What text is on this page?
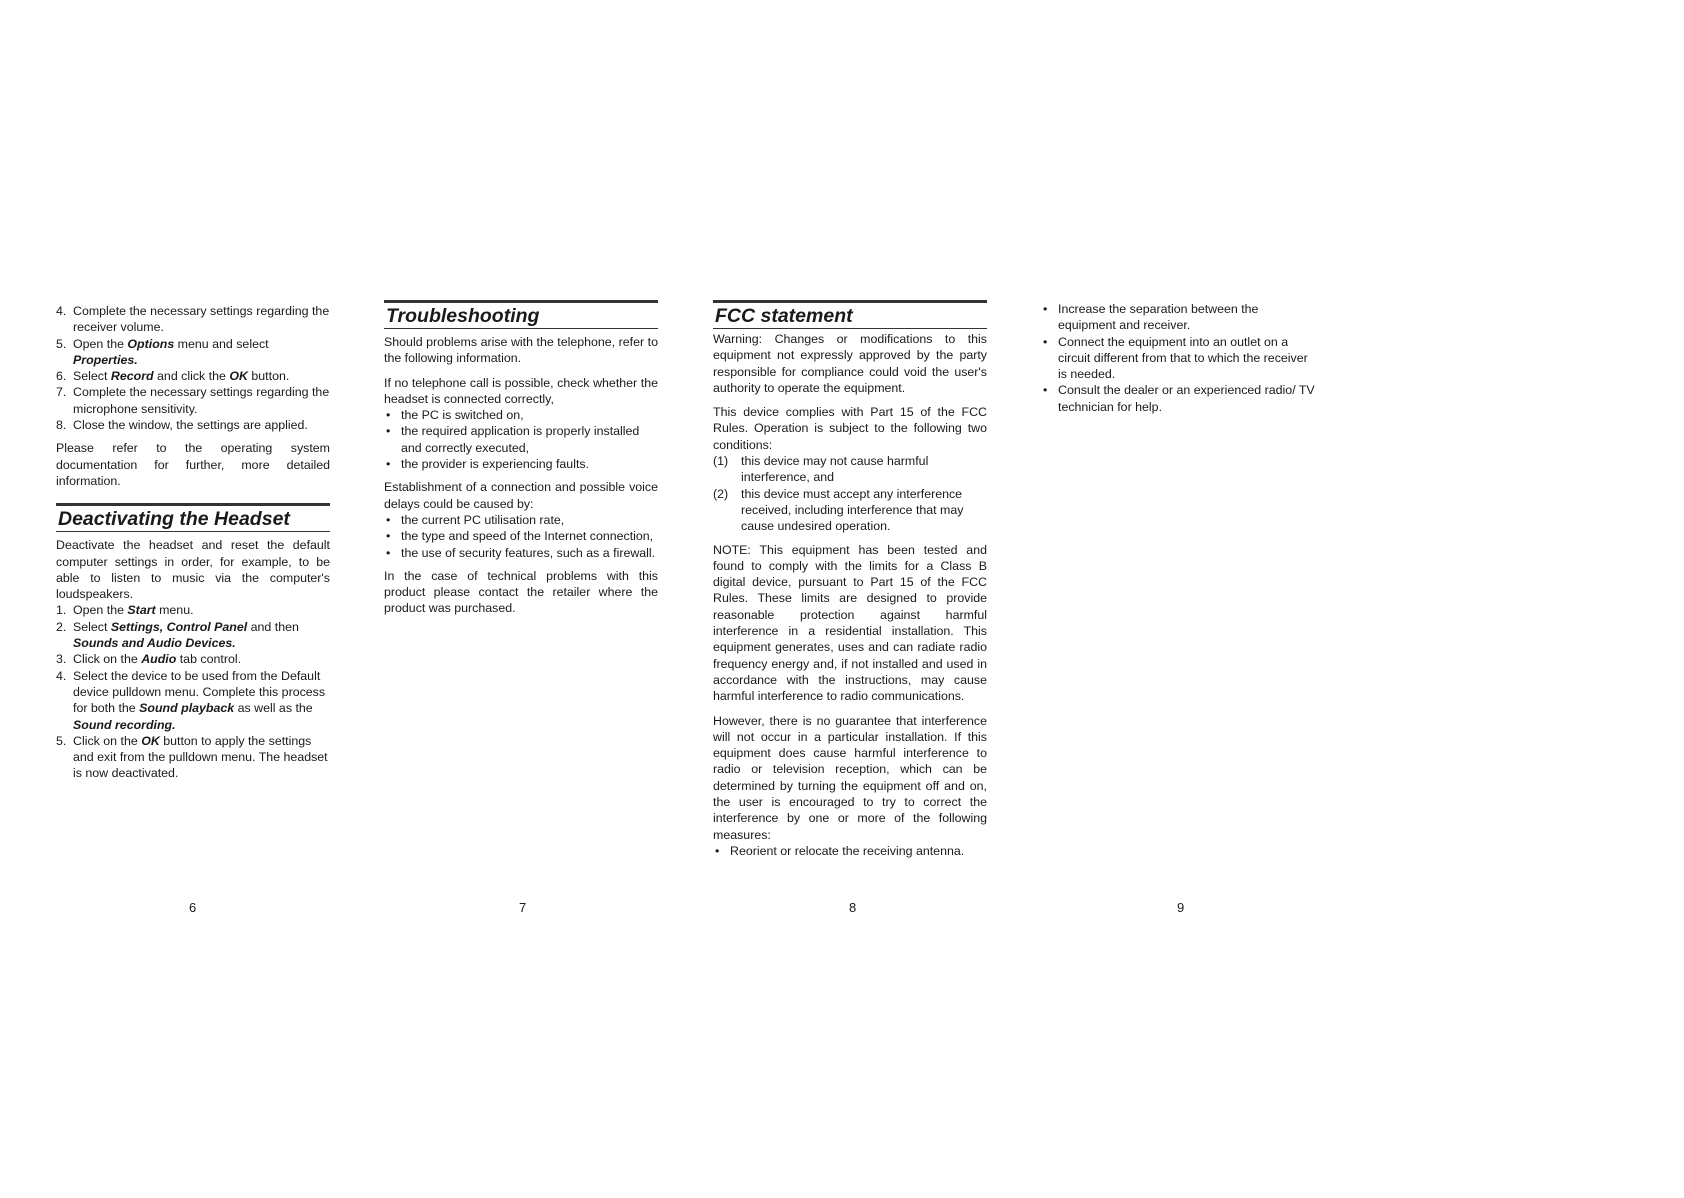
4. Complete the necessary settings regarding the receiver volume.
5. Open the Options menu and select Properties.
6. Select Record and click the OK button.
7. Complete the necessary settings regarding the microphone sensitivity.
8. Close the window, the settings are applied.

Please refer to the operating system documentation for further, more detailed information.

Deactivating the Headset

Deactivate the headset and reset the default computer settings in order, for example, to be able to listen to music via the computer's loudspeakers.

1. Open the Start menu.
2. Select Settings, Control Panel and then Sounds and Audio Devices.
3. Click on the Audio tab control.
4. Select the device to be used from the Default device pulldown menu. Complete this process for both the Sound playback as well as the Sound recording.
5. Click on the OK button to apply the settings and exit from the pulldown menu. The headset is now deactivated.
6
Troubleshooting

Should problems arise with the telephone, refer to the following information.

If no telephone call is possible, check whether the headset is connected correctly,

• the PC is switched on,
• the required application is properly installed and correctly executed,
• the provider is experiencing faults.

Establishment of a connection and possible voice delays could be caused by:

• the current PC utilisation rate,
• the type and speed of the Internet connection,
• the use of security features, such as a firewall.

In the case of technical problems with this product please contact the retailer where the product was purchased.

7
FCC statement

Warning: Changes or modifications to this equipment not expressly approved by the party responsible for compliance could void the user's authority to operate the equipment.

This device complies with Part 15 of the FCC Rules. Operation is subject to the following two conditions:

(1) this device may not cause harmful interference, and
(2) this device must accept any interference received, including interference that may cause undesired operation.

NOTE: This equipment has been tested and found to comply with the limits for a Class B digital device, pursuant to Part 15 of the FCC Rules. These limits are designed to provide reasonable protection against harmful interference in a residential installation. This equipment generates, uses and can radiate radio frequency energy and, if not installed and used in accordance with the instructions, may cause harmful interference to radio communications.

However, there is no guarantee that interference will not occur in a particular installation. If this equipment does cause harmful interference to radio or television reception, which can be determined by turning the equipment off and on, the user is encouraged to try to correct the interference by one or more of the following measures:

• Reorient or relocate the receiving antenna.
8
• Increase the separation between the equipment and receiver.
• Connect the equipment into an outlet on a circuit different from that to which the receiver is needed.
• Consult the dealer or an experienced radio/ TV technician for help.
9
